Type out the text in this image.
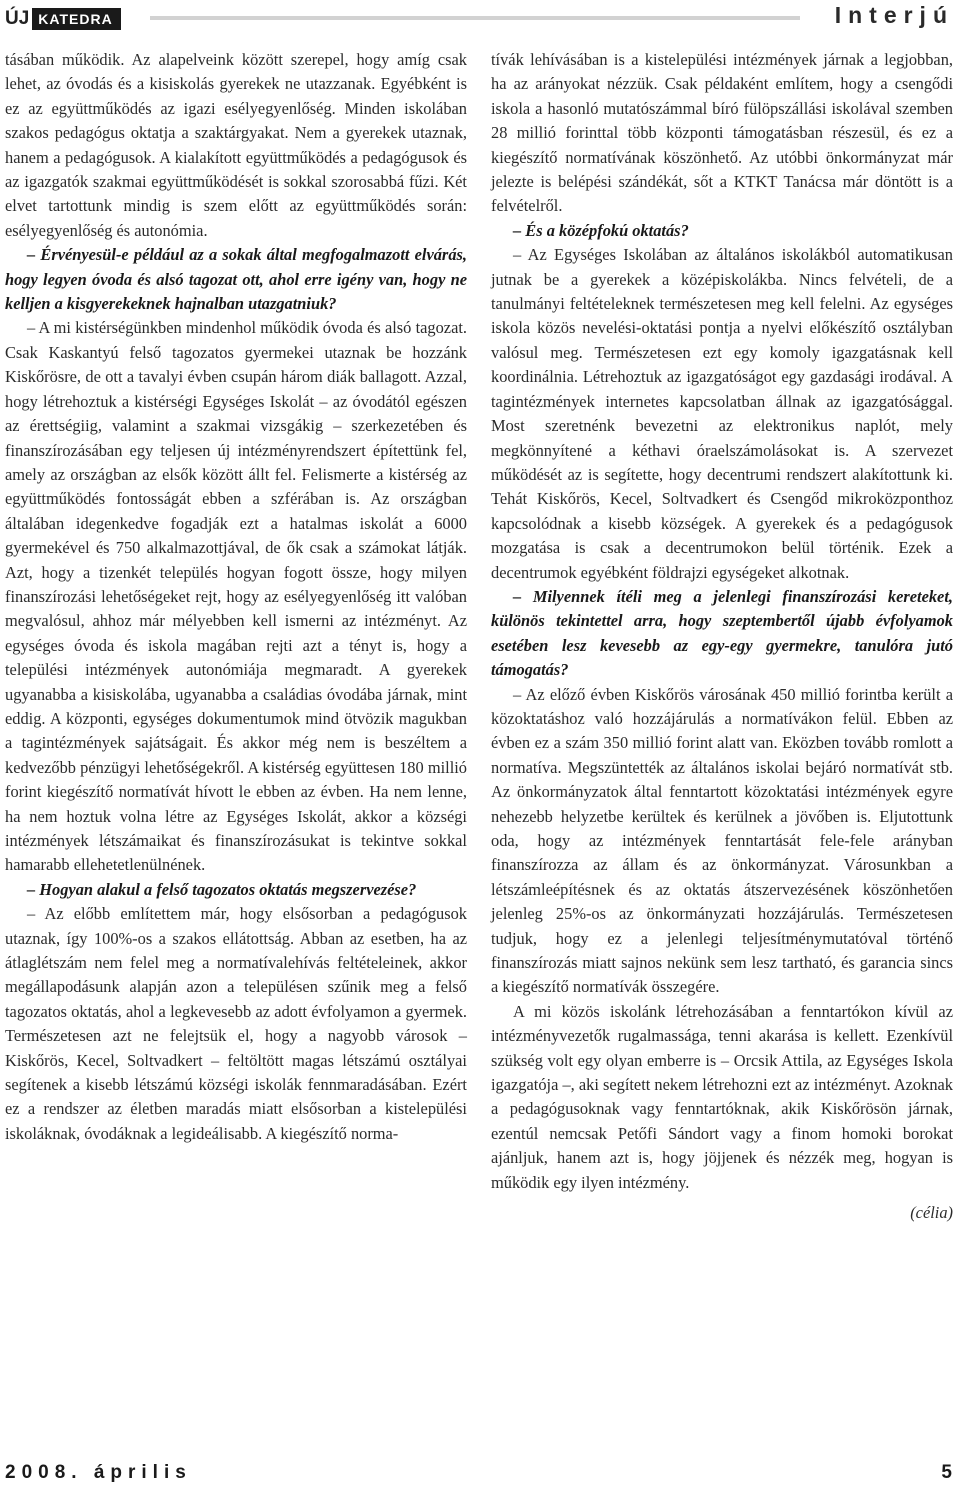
ÚJ KATEDRA	Interjú

tásában működik. Az alapelveink között szerepel, hogy amíg csak lehet, az óvodás és a kisiskolás gyerekek ne utazzanak. Egyébként is ez az együttműködés az igazi esélyegyenlőség. Minden iskolában szakos pedagógus oktatja a szaktárgyakat. Nem a gyerekek utaznak, hanem a pedagógusok. A kialakított együttműködés a pedagógusok és az igazgatók szakmai együttműködését is sokkal szorosabbá fűzi. Két elvet tartottunk mindig is szem előtt az együttműködés során: esélyegyenlőség és autonómia.

– Érvényesül-e például az a sokak által megfogalmazott elvárás, hogy legyen óvoda és alsó tagozat ott, ahol erre igény van, hogy ne kelljen a kisgyerekeknek hajnalban utazgatniuk?

– A mi kistérségünkben mindenhol működik óvoda és alsó tagozat. Csak Kaskantyú felső tagozatos gyermekei utaznak be hozzánk Kiskőrösre, de ott a tavalyi évben csupán három diák ballagott. Azzal, hogy létrehoztuk a kistérségi Egységes Iskolát – az óvodától egészen az érettségiig, valamint a szakmai vizsgákig – szerkezetében és finanszírozásában egy teljesen új intézményrendszert építettünk fel, amely az országban az elsők között állt fel. Felismerte a kistérség az együttműködés fontosságát ebben a szférában is. Az országban általában idegenkedve fogadják ezt a hatalmas iskolát a 6000 gyermekével és 750 alkalmazottjával, de ők csak a számokat látják. Azt, hogy a tizenkét település hogyan fogott össze, hogy milyen finanszírozási lehetőségeket rejt, hogy az esélyegyenlőség itt valóban megvalósul, ahhoz már mélyebben kell ismerni az intézményt. Az egységes óvoda és iskola magában rejti azt a tényt is, hogy a települési intézmények autonómiája megmaradt. A gyerekek ugyanabba a kisiskolába, ugyanabba a családias óvodába járnak, mint eddig. A központi, egységes dokumentumok mind ötvözik magukban a tagintézmények sajátságait. És akkor még nem is beszéltem a kedvezőbb pénzügyi lehetőségekről. A kistérség együttesen 180 millió forint kiegészítő normatívát hívott le ebben az évben. Ha nem lenne, ha nem hoztuk volna létre az Egységes Iskolát, akkor a községi intézmények létszámaikat és finanszírozásukat is tekintve sokkal hamarabb ellehetetlenülnének.

– Hogyan alakul a felső tagozatos oktatás megszervezése?

– Az előbb említettem már, hogy elsősorban a pedagógusok utaznak, így 100%-os a szakos ellátottság. Abban az esetben, ha az átlaglétszám nem felel meg a normatívalehívás feltételeinek, akkor megállapodásunk alapján azon a településen szűnik meg a felső tagozatos oktatás, ahol a legkevesebb az adott évfolyamon a gyermek. Természetesen azt ne felejtsük el, hogy a nagyobb városok – Kiskőrös, Kecel, Soltvadkert – feltöltött magas létszámú osztályai segítenek a kisebb létszámú községi iskolák fennmaradásában. Ezért ez a rendszer az életben maradás miatt elsősorban a kistelepülési iskoláknak, óvodáknak a legideálisabb. A kiegészítő norma-

tívák lehívásában is a kistelepülési intézmények járnak a legjobban, ha az arányokat nézzük. Csak példaként említem, hogy a csengődi iskola a hasonló mutatószámmal bíró fülöpszállási iskolával szemben 28 millió forinttal több központi támogatásban részesül, és ez a kiegészítő normatívának köszönhető. Az utóbbi önkormányzat már jelezte is belépési szándékát, sőt a KTKT Tanácsa már döntött is a felvételről.

– És a középfokú oktatás?

– Az Egységes Iskolában az általános iskolákból automatikusan jutnak be a gyerekek a középiskolákba. Nincs felvételi, de a tanulmányi feltételeknek természetesen meg kell felelni. Az egységes iskola közös nevelési-oktatási pontja a nyelvi előkészítő osztályban valósul meg. Természetesen ezt egy komoly igazgatásnak kell koordinálnia. Létrehoztuk az igazgatóságot egy gazdasági irodával. A tagintézmények internetes kapcsolatban állnak az igazgatósággal. Most szeretnénk bevezetni az elektronikus naplót, mely megkönnyítené a kéthavi óraelszámolásokat is. A szervezet működését az is segítette, hogy decentrumi rendszert alakítottunk ki. Tehát Kiskőrös, Kecel, Soltvadkert és Csengőd mikroközponthoz kapcsolódnak a kisebb községek. A gyerekek és a pedagógusok mozgatása is csak a decentrumokon belül történik. Ezek a decentrumok egyébként földrajzi egységeket alkotnak.

– Milyennek ítéli meg a jelenlegi finanszírozási kereteket, különös tekintettel arra, hogy szeptembertől újabb évfolyamok esetében lesz kevesebb az egy-egy gyermekre, tanulóra jutó támogatás?

– Az előző évben Kiskőrös városának 450 millió forintba került a közoktatáshoz való hozzájárulás a normatívákon felül. Ebben az évben ez a szám 350 millió forint alatt van. Eközben tovább romlott a normatíva. Megszüntették az általános iskolai bejáró normatívát stb. Az önkormányzatok által fenntartott közoktatási intézmények egyre nehezebb helyzetbe kerültek és kerülnek a jövőben is. Eljutottunk oda, hogy az intézmények fenntartását fele-fele arányban finanszírozza az állam és az önkormányzat. Városunkban a létszámleépítésnek és az oktatás átszervezésének köszönhetően jelenleg 25%-os az önkormányzati hozzájárulás. Természetesen tudjuk, hogy ez a jelenlegi teljesítménymutatóval történő finanszírozás miatt sajnos nekünk sem lesz tartható, és garancia sincs a kiegészítő normatívák összegére.

A mi közös iskolánk létrehozásában a fenntartókon kívül az intézményvezetők rugalmassága, tenni akarása is kellett. Ezenkívül szükség volt egy olyan emberre is – Orcsik Attila, az Egységes Iskola igazgatója –, aki segített nekem létrehozni ezt az intézményt. Azoknak a pedagógusoknak vagy fenntartóknak, akik Kiskőrösön járnak, ezentúl nemcsak Petőfi Sándort vagy a finom homoki borokat ajánljuk, hanem azt is, hogy jöjjenek és nézzék meg, hogyan is működik egy ilyen intézmény.

(célia)

2008. április	5
